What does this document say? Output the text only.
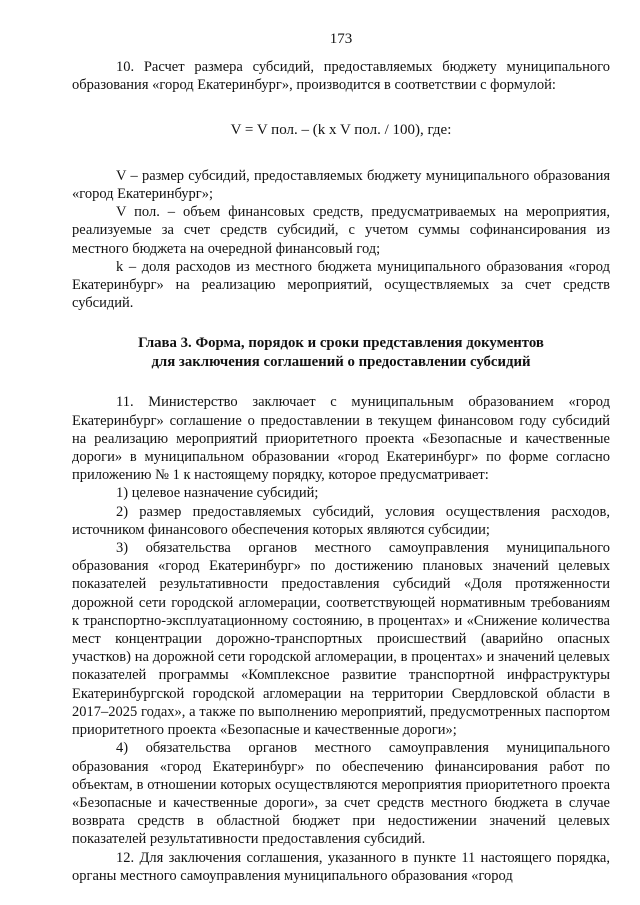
173

10. Расчет размера субсидий, предоставляемых бюджету муниципального образования «город Екатеринбург», производится в соответствии с формулой:

V = V пол. – (k x V пол. / 100), где:

V – размер субсидий, предоставляемых бюджету муниципального образования «город Екатеринбург»;

V пол. – объем финансовых средств, предусматриваемых на мероприятия, реализуемые за счет средств субсидий, с учетом суммы софинансирования из местного бюджета на очередной финансовый год;

k – доля расходов из местного бюджета муниципального образования «город Екатеринбург» на реализацию мероприятий, осуществляемых за счет средств субсидий.

Глава 3. Форма, порядок и сроки представления документов
для заключения соглашений о предоставлении субсидий

11. Министерство заключает с муниципальным образованием «город Екатеринбург» соглашение о предоставлении в текущем финансовом году субсидий на реализацию мероприятий приоритетного проекта «Безопасные и качественные дороги» в муниципальном образовании «город Екатеринбург» по форме согласно приложению № 1 к настоящему порядку, которое предусматривает:

1) целевое назначение субсидий;

2) размер предоставляемых субсидий, условия осуществления расходов, источником финансового обеспечения которых являются субсидии;

3) обязательства органов местного самоуправления муниципального образования «город Екатеринбург» по достижению плановых значений целевых показателей результативности предоставления субсидий «Доля протяженности дорожной сети городской агломерации, соответствующей нормативным требованиям к транспортно-эксплуатационному состоянию, в процентах» и «Снижение количества мест концентрации дорожно-транспортных происшествий (аварийно опасных участков) на дорожной сети городской агломерации, в процентах» и значений целевых показателей программы «Комплексное развитие транспортной инфраструктуры Екатеринбургской городской агломерации на территории Свердловской области в 2017–2025 годах», а также по выполнению мероприятий, предусмотренных паспортом приоритетного проекта «Безопасные и качественные дороги»;

4) обязательства органов местного самоуправления муниципального образования «город Екатеринбург» по обеспечению финансирования работ по объектам, в отношении которых осуществляются мероприятия приоритетного проекта «Безопасные и качественные дороги», за счет средств местного бюджета в случае возврата средств в областной бюджет при недостижении значений целевых показателей результативности предоставления субсидий.

12. Для заключения соглашения, указанного в пункте 11 настоящего порядка, органы местного самоуправления муниципального образования «город
